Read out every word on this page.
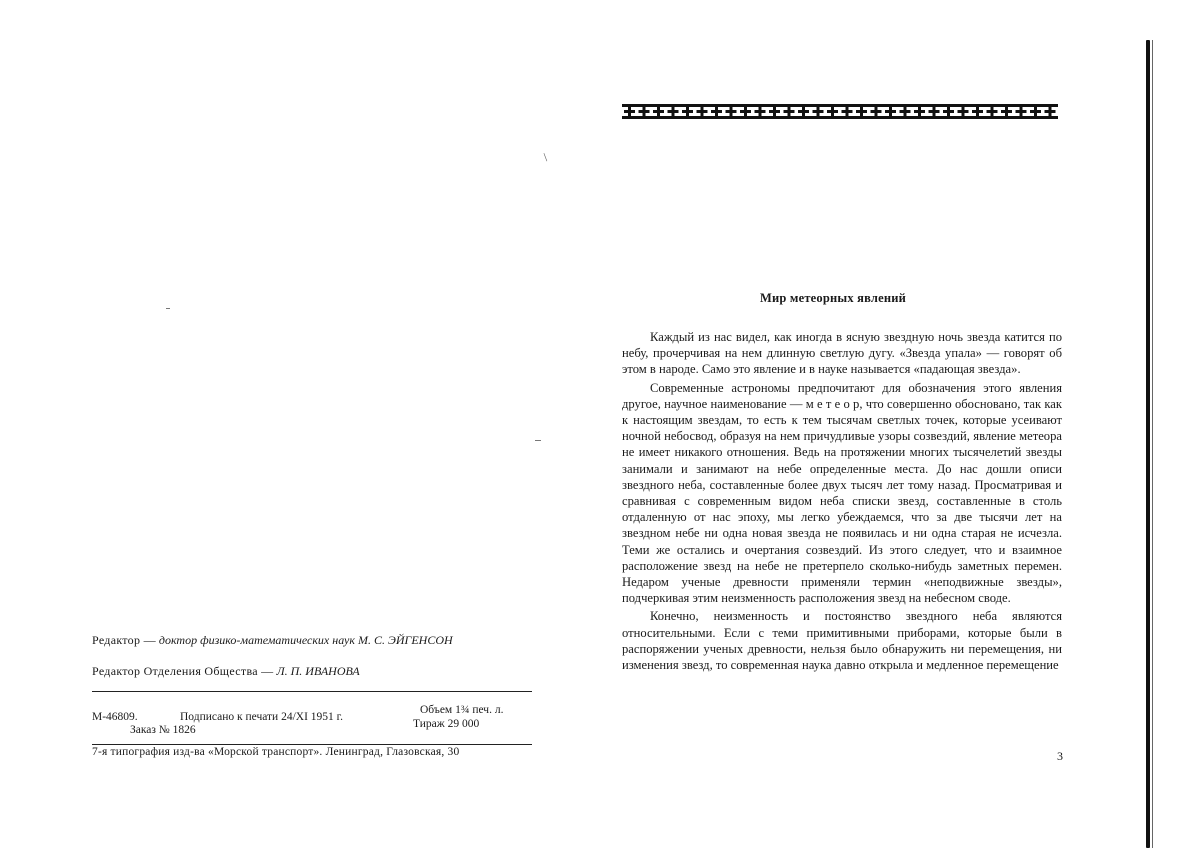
/
Редактор — доктор физико-математических наук М. С. ЭЙГЕНСОН
Редактор Отделения Общества — Л. П. ИВАНОВА
М-46809.	Подписано к печати 24/XI 1951 г.
Объем 1¾ печ. л.
Заказ № 1826	Тираж 29 000
7-я типография изд-ва «Морской транспорт». Ленинград, Глазовская, 30
Мир метеорных явлений

Каждый из нас видел, как иногда в ясную звездную ночь звезда катится по небу, прочерчивая на нем длинную светлую дугу. «Звезда упала» — говорят об этом в народе. Само это явление и в науке называется «падающая звезда».

Современные астрономы предпочитают для обозначения этого явления другое, научное наименование — м е т е о р, что совершенно обосновано, так как к настоящим звездам, то есть к тем тысячам светлых точек, которые усеивают ночной небосвод, образуя на нем причудливые узоры созвездий, явление метеора не имеет никакого отношения. Ведь на протяжении многих тысячелетий звезды занимали и занимают на небе определенные места. До нас дошли описи звездного неба, составленные более двух тысяч лет тому назад. Просматривая и сравнивая с современным видом неба списки звезд, составленные в столь отдаленную от нас эпоху, мы легко убеждаемся, что за две тысячи лет на звездном небе ни одна новая звезда не появилась и ни одна старая не исчезла. Теми же остались и очертания созвездий. Из этого следует, что и взаимное расположение звезд на небе не претерпело сколько-нибудь заметных перемен. Недаром ученые древности применяли термин «неподвижные звезды», подчеркивая этим неизменность расположения звезд на небесном своде.

Конечно, неизменность и постоянство звездного неба являются относительными. Если с теми примитивными приборами, которые были в распоряжении ученых древности, нельзя было обнаружить ни перемещения, ни изменения звезд, то современная наука давно открыла и медленное перемещение

3
